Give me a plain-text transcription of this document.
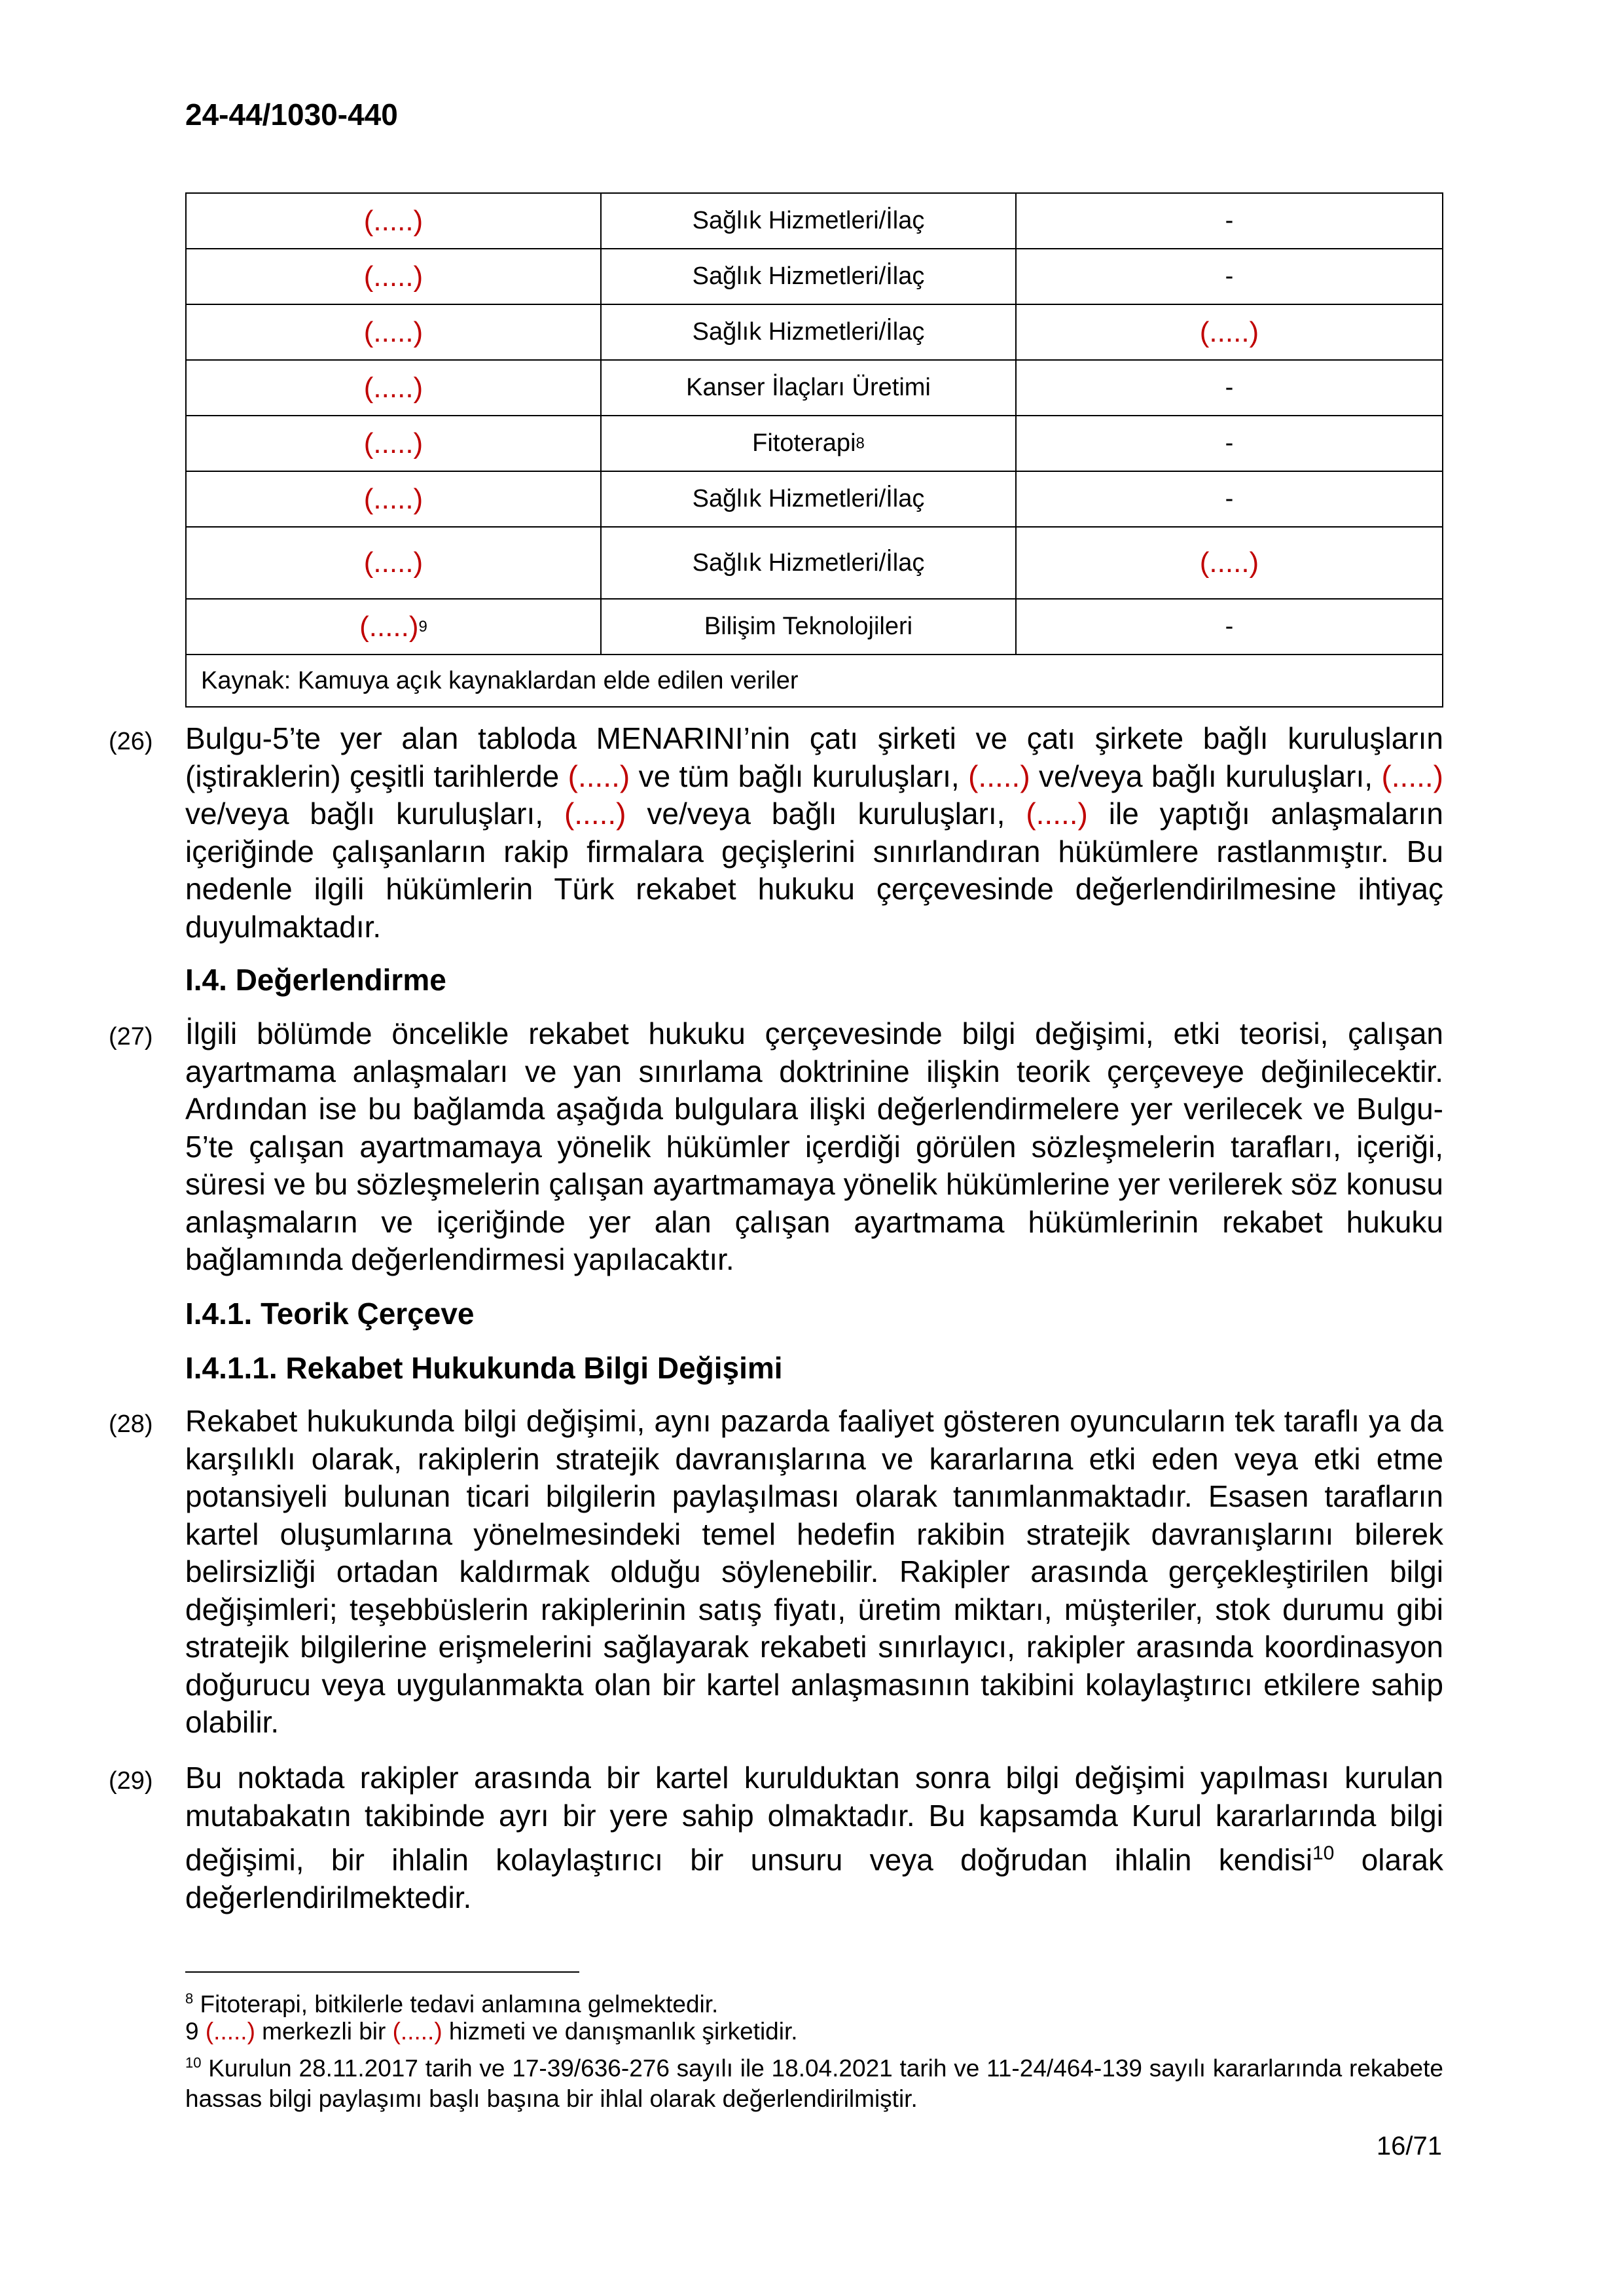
24-44/1030-440
(.....)	Sağlık Hizmetleri/İlaç	-
(.....)	Sağlık Hizmetleri/İlaç	-
(.....)	Sağlık Hizmetleri/İlaç	(.....)
(.....)	Kanser İlaçları Üretimi	-
(.....)	Fitoterapi 8	-
(.....)	Sağlık Hizmetleri/İlaç	-
(.....)	Sağlık Hizmetleri/İlaç	(.....)
(.....) 9	Bilişim Teknolojileri	-
Kaynak: Kamuya açık kaynaklardan elde edilen veriler
(26) Bulgu-5’te yer alan tabloda MENARINI’nin çatı şirketi ve çatı şirkete bağlı kuruluşların (iştiraklerin) çeşitli tarihlerde (.....) ve tüm bağlı kuruluşları, (.....) ve/veya bağlı kuruluşları, (.....) ve/veya bağlı kuruluşları, (.....) ve/veya bağlı kuruluşları, (.....) ile yaptığı anlaşmaların içeriğinde çalışanların rakip firmalara geçişlerini sınırlandıran hükümlere rastlanmıştır. Bu nedenle ilgili hükümlerin Türk rekabet hukuku çerçevesinde değerlendirilmesine ihtiyaç duyulmaktadır.
I.4. Değerlendirme
(27) İlgili bölümde öncelikle rekabet hukuku çerçevesinde bilgi değişimi, etki teorisi, çalışan ayartmama anlaşmaları ve yan sınırlama doktrinine ilişkin teorik çerçeveye değinilecektir. Ardından ise bu bağlamda aşağıda bulgulara ilişki değerlendirmelere yer verilecek ve Bulgu-5’te çalışan ayartmamaya yönelik hükümler içerdiği görülen sözleşmelerin tarafları, içeriği, süresi ve bu sözleşmelerin çalışan ayartmamaya yönelik hükümlerine yer verilerek söz konusu anlaşmaların ve içeriğinde yer alan çalışan ayartmama hükümlerinin rekabet hukuku bağlamında değerlendirmesi yapılacaktır.
I.4.1. Teorik Çerçeve
I.4.1.1. Rekabet Hukukunda Bilgi Değişimi
(28) Rekabet hukukunda bilgi değişimi, aynı pazarda faaliyet gösteren oyuncuların tek taraflı ya da karşılıklı olarak, rakiplerin stratejik davranışlarına ve kararlarına etki eden veya etki etme potansiyeli bulunan ticari bilgilerin paylaşılması olarak tanımlanmaktadır. Esasen tarafların kartel oluşumlarına yönelmesindeki temel hedefin rakibin stratejik davranışlarını bilerek belirsizliği ortadan kaldırmak olduğu söylenebilir. Rakipler arasında gerçekleştirilen bilgi değişimleri; teşebbüslerin rakiplerinin satış fiyatı, üretim miktarı, müşteriler, stok durumu gibi stratejik bilgilerine erişmelerini sağlayarak rekabeti sınırlayıcı, rakipler arasında koordinasyon doğurucu veya uygulanmakta olan bir kartel anlaşmasının takibini kolaylaştırıcı etkilere sahip olabilir.
(29) Bu noktada rakipler arasında bir kartel kurulduktan sonra bilgi değişimi yapılması kurulan mutabakatın takibinde ayrı bir yere sahip olmaktadır. Bu kapsamda Kurul kararlarında bilgi değişimi, bir ihlalin kolaylaştırıcı bir unsuru veya doğrudan ihlalin kendisi$^{10}$ olarak değerlendirilmektedir.
$^8$ Fitoterapi, bitkilerle tedavi anlamına gelmektedir.
9 (.....) merkezli bir (.....) hizmeti ve danışmanlık şirketidir.
$^{10}$ Kurulun 28.11.2017 tarih ve 17-39/636-276 sayılı ile 18.04.2021 tarih ve 11-24/464-139 sayılı kararlarında rekabete hassas bilgi paylaşımı başlı başına bir ihlal olarak değerlendirilmiştir.
16/71
